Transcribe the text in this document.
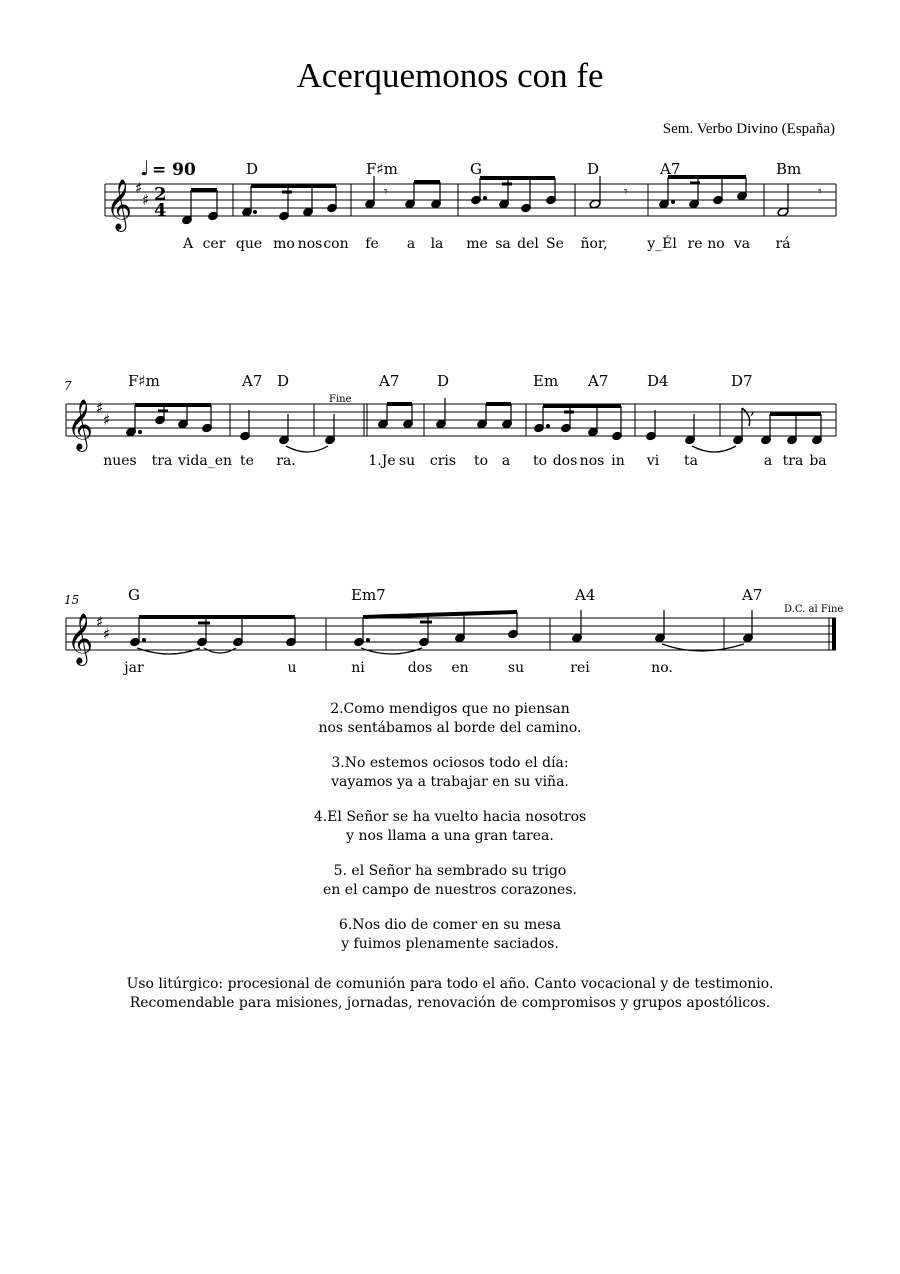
Acerquemonos con fe
Sem. Verbo Divino (España)
♩ = 90	D	F♯m	G	D	A7	Bm
𝄞 ♯
♯ 2
4
𝄾	𝄾	𝄾
A cer que mo nos con fe a la me sa del Se ñor,	y_Él re no va rá
7	F♯m	A7 D	A7	D	Em A7	D4	D7
Fine
𝄞 ♯
♯
,
nues tra vida_en te ra.	1.Je su cris to a to dos nos in vi ta	a tra ba
15	G	Em7	A4	A7
D.C. al Fine
𝄞 ♯
♯
jar	u	ni	dos en	su	rei	no.

2.Como mendigos que no piensan

nos sentábamos al borde del camino.

3.No estemos ociosos todo el día:

vayamos ya a trabajar en su viña.

4.El Señor se ha vuelto hacia nosotros

y nos llama a una gran tarea.

5. el Señor ha sembrado su trigo

en el campo de nuestros corazones.

6.Nos dio de comer en su mesa

y fuimos plenamente saciados.

Uso litúrgico: procesional de comunión para todo el año. Canto vocacional y de testimonio.

Recomendable para misiones, jornadas, renovación de compromisos y grupos apostólicos.
